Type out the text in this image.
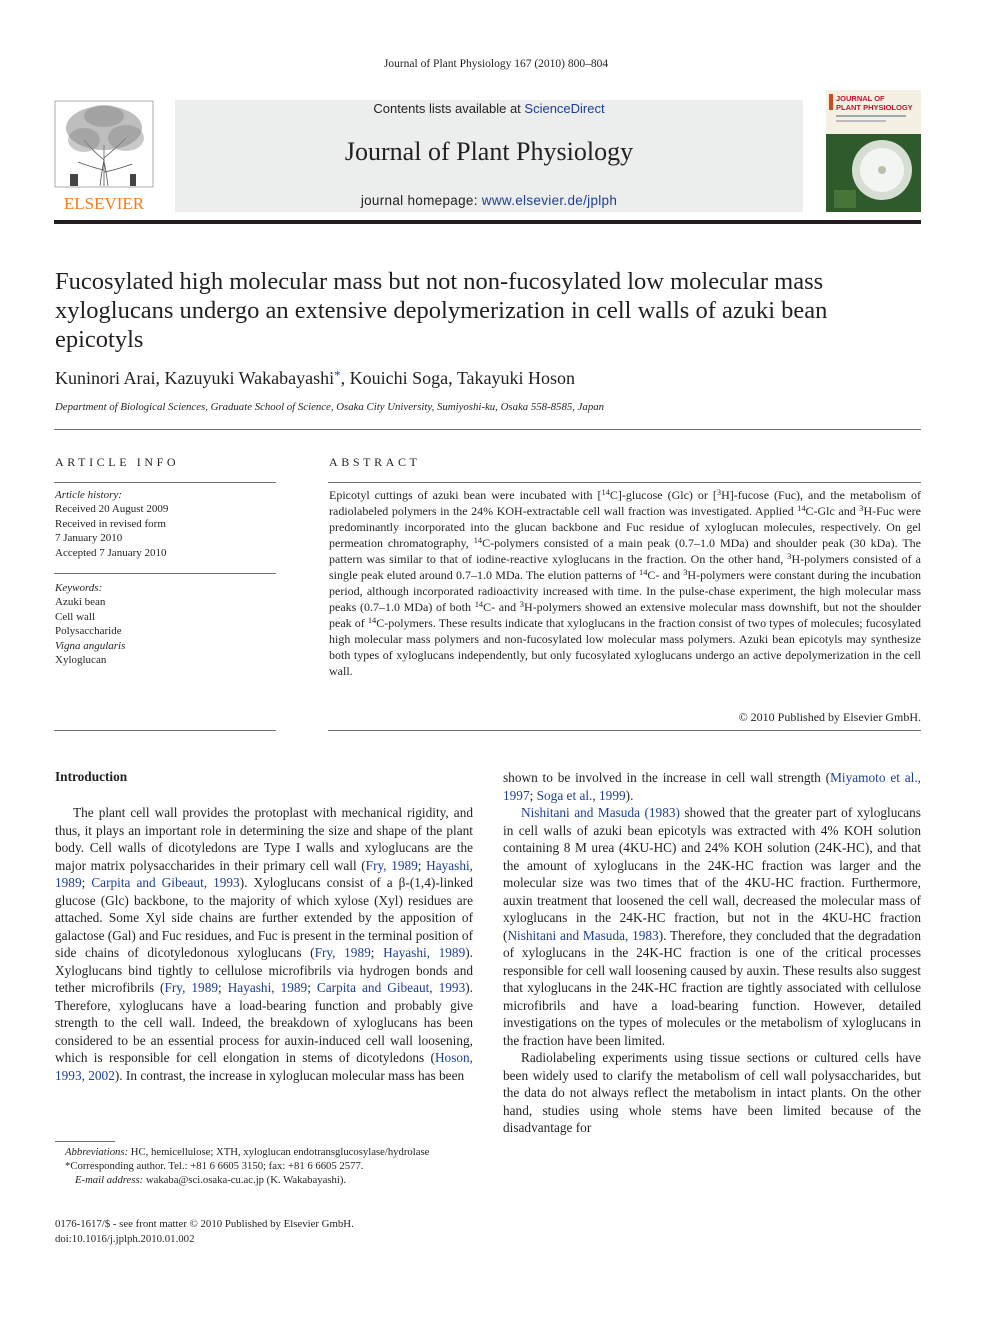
Journal of Plant Physiology 167 (2010) 800–804
ELSEVIER
Contents lists available at ScienceDirect
Journal of Plant Physiology
journal homepage: www.elsevier.de/jplph
JOURNAL OF
PLANT PHYSIOLOGY
Fucosylated high molecular mass but not non-fucosylated low molecular mass xyloglucans undergo an extensive depolymerization in cell walls of azuki bean epicotyls
Kuninori Arai, Kazuyuki Wakabayashi*, Kouichi Soga, Takayuki Hoson
Department of Biological Sciences, Graduate School of Science, Osaka City University, Sumiyoshi-ku, Osaka 558-8585, Japan
ARTICLE INFO
Article history:
Received 20 August 2009
Received in revised form
7 January 2010
Accepted 7 January 2010
Keywords:
Azuki bean
Cell wall
Polysaccharide
Vigna angularis
Xyloglucan
ABSTRACT
Epicotyl cuttings of azuki bean were incubated with [$^{14}$C]-glucose (Glc) or [$^3$H]-fucose (Fuc), and the metabolism of radiolabeled polymers in the 24% KOH-extractable cell wall fraction was investigated. Applied $^{14}$C-Glc and $^3$H-Fuc were predominantly incorporated into the glucan backbone and Fuc residue of xyloglucan molecules, respectively. On gel permeation chromatography, $^{14}$C-polymers consisted of a main peak (0.7–1.0 MDa) and shoulder peak (30 kDa). The pattern was similar to that of iodine-reactive xyloglucans in the fraction. On the other hand, $^3$H-polymers consisted of a single peak eluted around 0.7–1.0 MDa. The elution patterns of $^{14}$C- and $^3$H-polymers were constant during the incubation period, although incorporated radioactivity increased with time. In the pulse-chase experiment, the high molecular mass peaks (0.7–1.0 MDa) of both $^{14}$C- and $^3$H-polymers showed an extensive molecular mass downshift, but not the shoulder peak of $^{14}$C-polymers. These results indicate that xyloglucans in the fraction consist of two types of molecules; fucosylated high molecular mass polymers and non-fucosylated low molecular mass polymers. Azuki bean epicotyls may synthesize both types of xyloglucans independently, but only fucosylated xyloglucans undergo an active depolymerization in the cell wall.
© 2010 Published by Elsevier GmbH.
Introduction

The plant cell wall provides the protoplast with mechanical rigidity, and thus, it plays an important role in determining the size and shape of the plant body. Cell walls of dicotyledons are Type I walls and xyloglucans are the major matrix polysaccharides in their primary cell wall (Fry, 1989; Hayashi, 1989; Carpita and Gibeaut, 1993). Xyloglucans consist of a β-(1,4)-linked glucose (Glc) backbone, to the majority of which xylose (Xyl) residues are attached. Some Xyl side chains are further extended by the apposition of galactose (Gal) and Fuc residues, and Fuc is present in the terminal position of side chains of dicotyledonous xyloglucans (Fry, 1989; Hayashi, 1989). Xyloglucans bind tightly to cellulose microfibrils via hydrogen bonds and tether microfibrils (Fry, 1989; Hayashi, 1989; Carpita and Gibeaut, 1993). Therefore, xyloglucans have a load-bearing function and probably give strength to the cell wall. Indeed, the breakdown of xyloglucans has been considered to be an essential process for auxin-induced cell wall loosening, which is responsible for cell elongation in stems of dicotyledons (Hoson, 1993, 2002). In contrast, the increase in xyloglucan molecular mass has been

Abbreviations: HC, hemicellulose; XTH, xyloglucan endotransglucosylase/hydrolase
*Corresponding author. Tel.: +81 6 6605 3150; fax: +81 6 6605 2577.
E-mail address: wakaba@sci.osaka-cu.ac.jp (K. Wakabayashi).
0176-1617/$ - see front matter © 2010 Published by Elsevier GmbH.
doi:10.1016/j.jplph.2010.01.002
shown to be involved in the increase in cell wall strength (Miyamoto et al., 1997; Soga et al., 1999).

Nishitani and Masuda (1983) showed that the greater part of xyloglucans in cell walls of azuki bean epicotyls was extracted with 4% KOH solution containing 8 M urea (4KU-HC) and 24% KOH solution (24K-HC), and that the amount of xyloglucans in the 24K-HC fraction was larger and the molecular size was two times that of the 4KU-HC fraction. Furthermore, auxin treatment that loosened the cell wall, decreased the molecular mass of xyloglucans in the 24K-HC fraction, but not in the 4KU-HC fraction (Nishitani and Masuda, 1983). Therefore, they concluded that the degradation of xyloglucans in the 24K-HC fraction is one of the critical processes responsible for cell wall loosening caused by auxin. These results also suggest that xyloglucans in the 24K-HC fraction are tightly associated with cellulose microfibrils and have a load-bearing function. However, detailed investigations on the types of molecules or the metabolism of xyloglucans in the fraction have been limited.

Radiolabeling experiments using tissue sections or cultured cells have been widely used to clarify the metabolism of cell wall polysaccharides, but the data do not always reflect the metabolism in intact plants. On the other hand, studies using whole stems have been limited because of the disadvantage for
